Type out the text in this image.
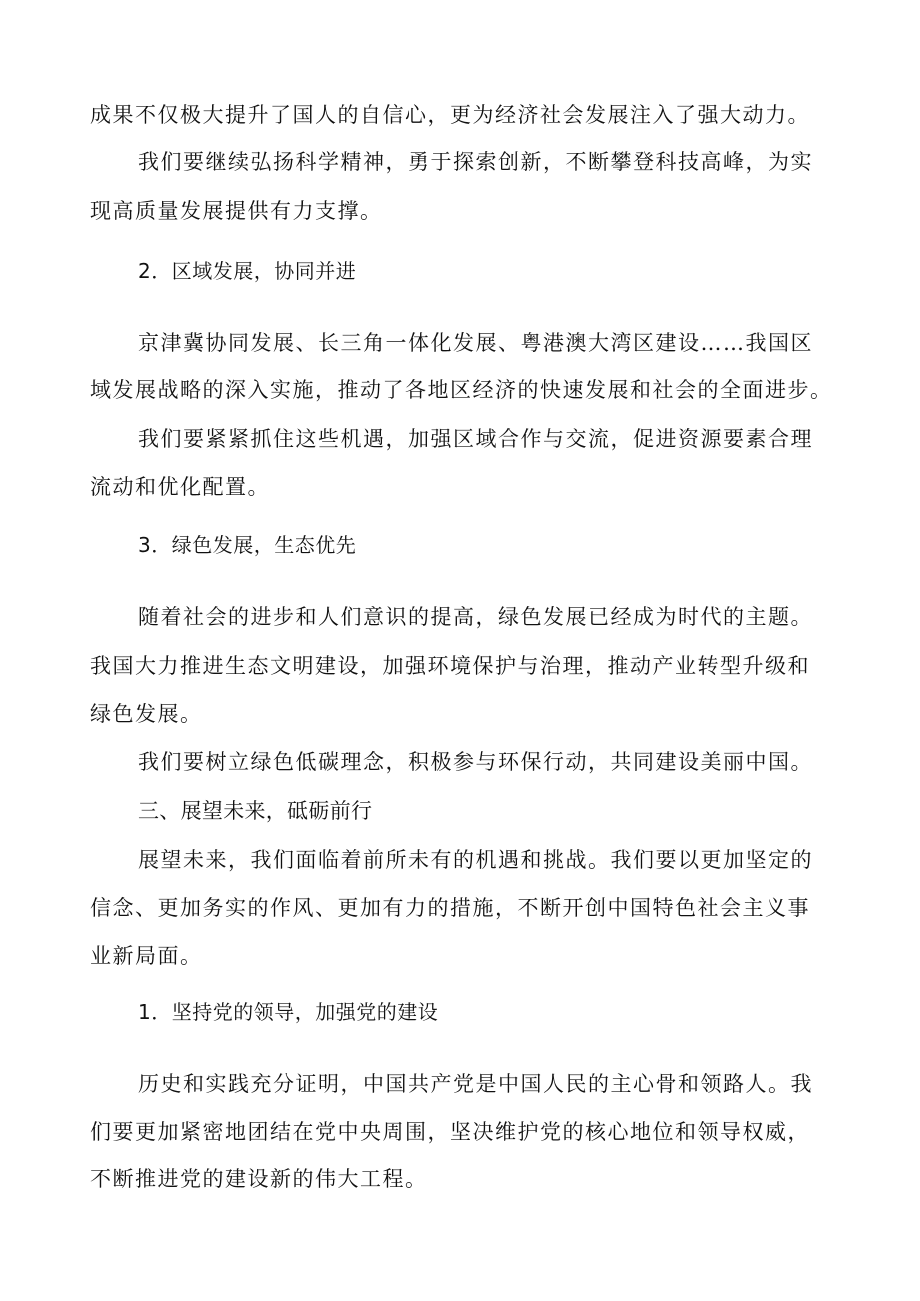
成果不仅极大提升了国人的自信心，更为经济社会发展注入了强大动力。
我们要继续弘扬科学精神，勇于探索创新，不断攀登科技高峰，为实
现高质量发展提供有力支撑。
2．区域发展，协同并进
京津冀协同发展、长三角一体化发展、粤港澳大湾区建设……我国区
域发展战略的深入实施，推动了各地区经济的快速发展和社会的全面进步。
我们要紧紧抓住这些机遇，加强区域合作与交流，促进资源要素合理
流动和优化配置。
3．绿色发展，生态优先
随着社会的进步和人们意识的提高，绿色发展已经成为时代的主题。
我国大力推进生态文明建设，加强环境保护与治理，推动产业转型升级和
绿色发展。
我们要树立绿色低碳理念，积极参与环保行动，共同建设美丽中国。
三、展望未来，砥砺前行
展望未来，我们面临着前所未有的机遇和挑战。我们要以更加坚定的
信念、更加务实的作风、更加有力的措施，不断开创中国特色社会主义事
业新局面。
1．坚持党的领导，加强党的建设
历史和实践充分证明，中国共产党是中国人民的主心骨和领路人。我
们要更加紧密地团结在党中央周围，坚决维护党的核心地位和领导权威，
不断推进党的建设新的伟大工程。
